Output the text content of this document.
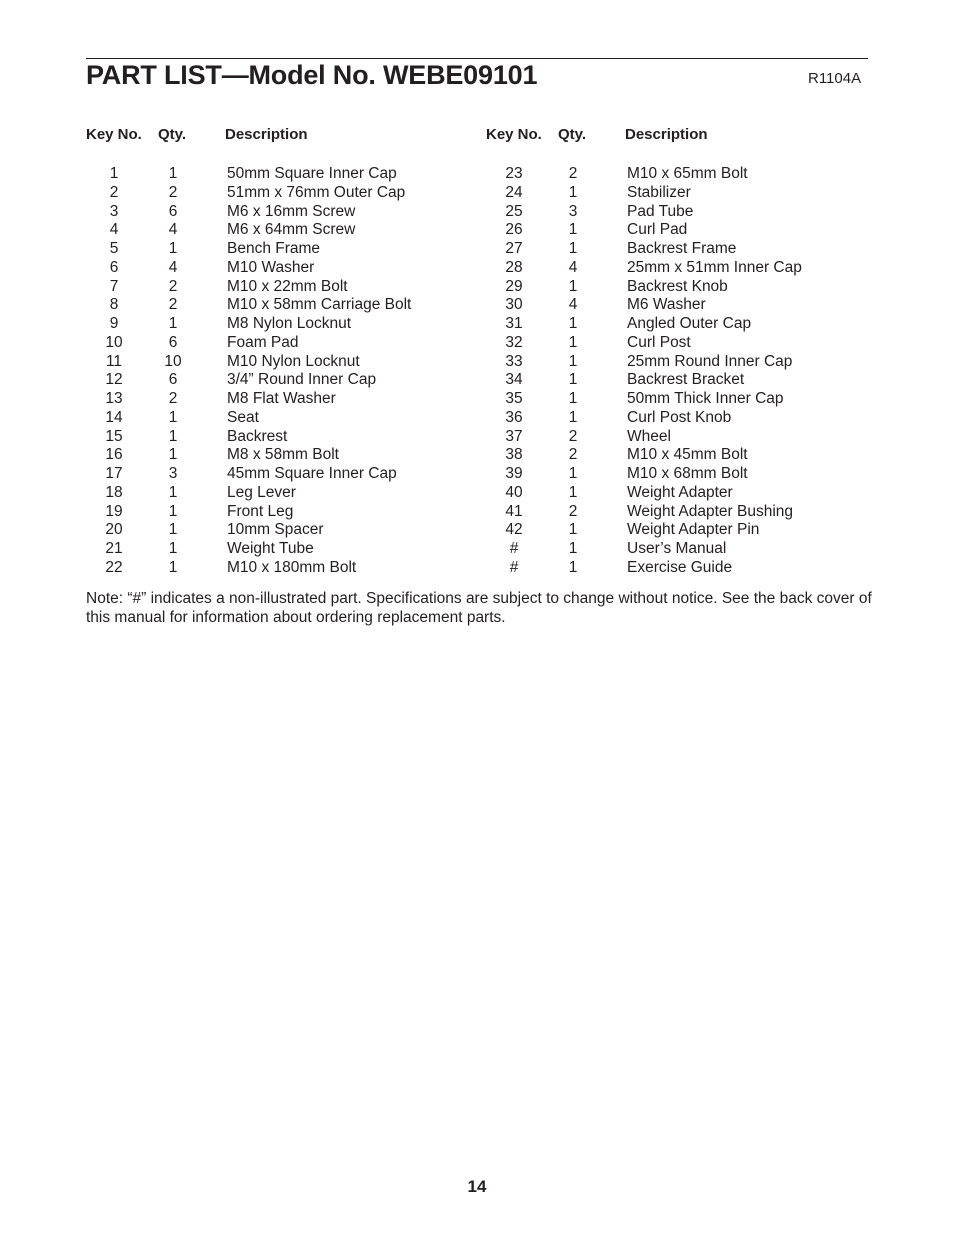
PART LIST—Model No. WEBE09101	R1104A
Key No. Qty.	Description
1	1	50mm Square Inner Cap
2	2	51mm x 76mm Outer Cap
3	6	M6 x 16mm Screw
4	4	M6 x 64mm Screw
5	1	Bench Frame
6	4	M10 Washer
7	2	M10 x 22mm Bolt
8	2	M10 x 58mm Carriage Bolt
9	1	M8 Nylon Locknut
10	6	Foam Pad
11	10	M10 Nylon Locknut
12	6	3/4” Round Inner Cap
13	2	M8 Flat Washer
14	1	Seat
15	1	Backrest
16	1	M8 x 58mm Bolt
17	3	45mm Square Inner Cap
18	1	Leg Lever
19	1	Front Leg
20	1	10mm Spacer
21	1	Weight Tube
22	1	M10 x 180mm Bolt
Key No. Qty.	Description
23	2	M10 x 65mm Bolt
24	1	Stabilizer
25	3	Pad Tube
26	1	Curl Pad
27	1	Backrest Frame
28	4	25mm x 51mm Inner Cap
29	1	Backrest Knob
30	4	M6 Washer
31	1	Angled Outer Cap
32	1	Curl Post
33	1	25mm Round Inner Cap
34	1	Backrest Bracket
35	1	50mm Thick Inner Cap
36	1	Curl Post Knob
37	2	Wheel
38	2	M10 x 45mm Bolt
39	1	M10 x 68mm Bolt
40	1	Weight Adapter
41	2	Weight Adapter Bushing
42	1	Weight Adapter Pin
#	1	User’s Manual
#	1	Exercise Guide
Note: “#” indicates a non-illustrated part. Specifications are subject to change without notice. See the back cover of this manual for information about ordering replacement parts.
14
